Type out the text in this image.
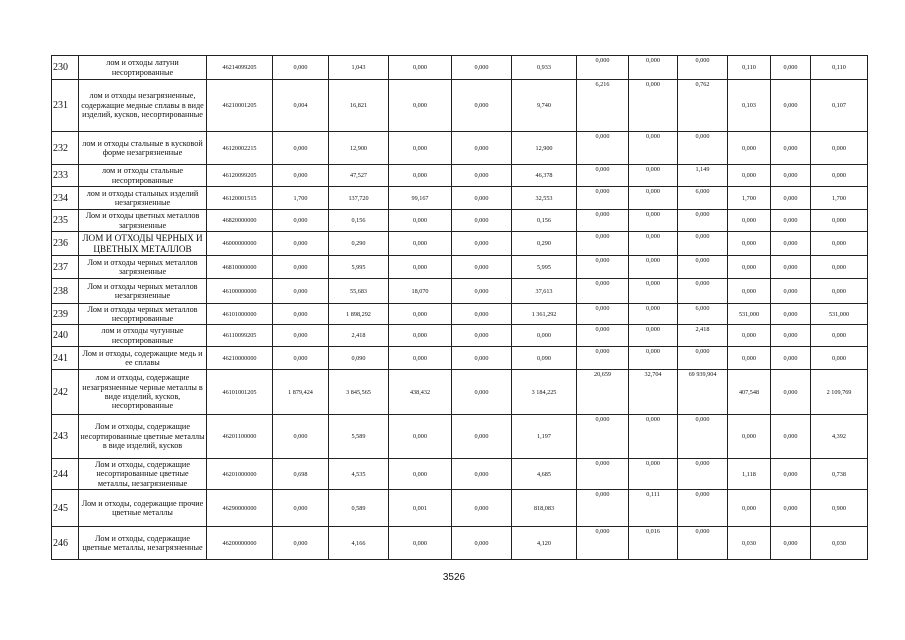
230	лом и отходы латуни несортированные	46214099205	0,000	1,043	0,000	0,000	0,933	0,000	0,000	0,000	0,110	0,000	0,110
231	лом и отходы незагрязненные, содержащие медные сплавы в виде изделий, кусков, несортированные	46210001205	0,004	16,821	0,000	0,000	9,740	6,216	0,000	0,762	0,103	0,000	0,107
232	лом и отходы стальные в кусковой форме незагрязненные	46120002215	0,000	12,900	0,000	0,000	12,900	0,000	0,000	0,000	0,000	0,000	0,000
233	лом и отходы стальные несортированные	46120099205	0,000	47,527	0,000	0,000	46,378	0,000	0,000	1,149	0,000	0,000	0,000
234	лом и отходы стальных изделий незагрязненные	46120001515	1,700	137,720	99,167	0,000	32,553	0,000	0,000	6,000	1,700	0,000	1,700
235	Лом и отходы цветных металлов загрязненные	46820000000	0,000	0,156	0,000	0,000	0,156	0,000	0,000	0,000	0,000	0,000	0,000
236	ЛОМ И ОТХОДЫ ЧЕРНЫХ И ЦВЕТНЫХ МЕТАЛЛОВ	46000000000	0,000	0,290	0,000	0,000	0,290	0,000	0,000	0,000	0,000	0,000	0,000
237	Лом и отходы черных металлов загрязненные	46810000000	0,000	5,995	0,000	0,000	5,995	0,000	0,000	0,000	0,000	0,000	0,000
238	Лом и отходы черных металлов незагрязненные	46100000000	0,000	55,683	18,070	0,000	37,613	0,000	0,000	0,000	0,000	0,000	0,000
239	Лом и отходы черных металлов несортированные	46101000000	0,000	1 898,292	0,000	0,000	1 361,292	0,000	0,000	6,000	531,000	0,000	531,000
240	лом и отходы чугунные несортированные	46110099205	0,000	2,418	0,000	0,000	0,000	0,000	0,000	2,418	0,000	0,000	0,000
241	Лом и отходы, содержащие медь и ее сплавы	46210000000	0,000	0,090	0,000	0,000	0,090	0,000	0,000	0,000	0,000	0,000	0,000
242	лом и отходы, содержащие незагрязненные черные металлы в виде изделий, кусков, несортированные	46101001205	1 879,424	3 845,565	438,432	0,000	3 184,225	20,659	32,704	69 939,904	407,548	0,000	2 109,769
243	Лом и отходы, содержащие несортированные цветные металлы в виде изделий, кусков	46201100000	0,000	5,589	0,000	0,000	1,197	0,000	0,000	0,000	0,000	0,000	4,392
244	Лом и отходы, содержащие несортированные цветные металлы, незагрязненные	46201000000	0,698	4,535	0,000	0,000	4,685	0,000	0,000	0,000	1,118	0,000	0,738
245	Лом и отходы, содержащие прочие цветные металлы	46290000000	0,000	0,589	0,001	0,000	818,083	0,000	0,111	0,000	0,000	0,000	0,900
246	Лом и отходы, содержащие цветные металлы, незагрязненные	46200000000	0,000	4,166	0,000	0,000	4,120	0,000	0,016	0,000	0,030	0,000	0,030
3526
